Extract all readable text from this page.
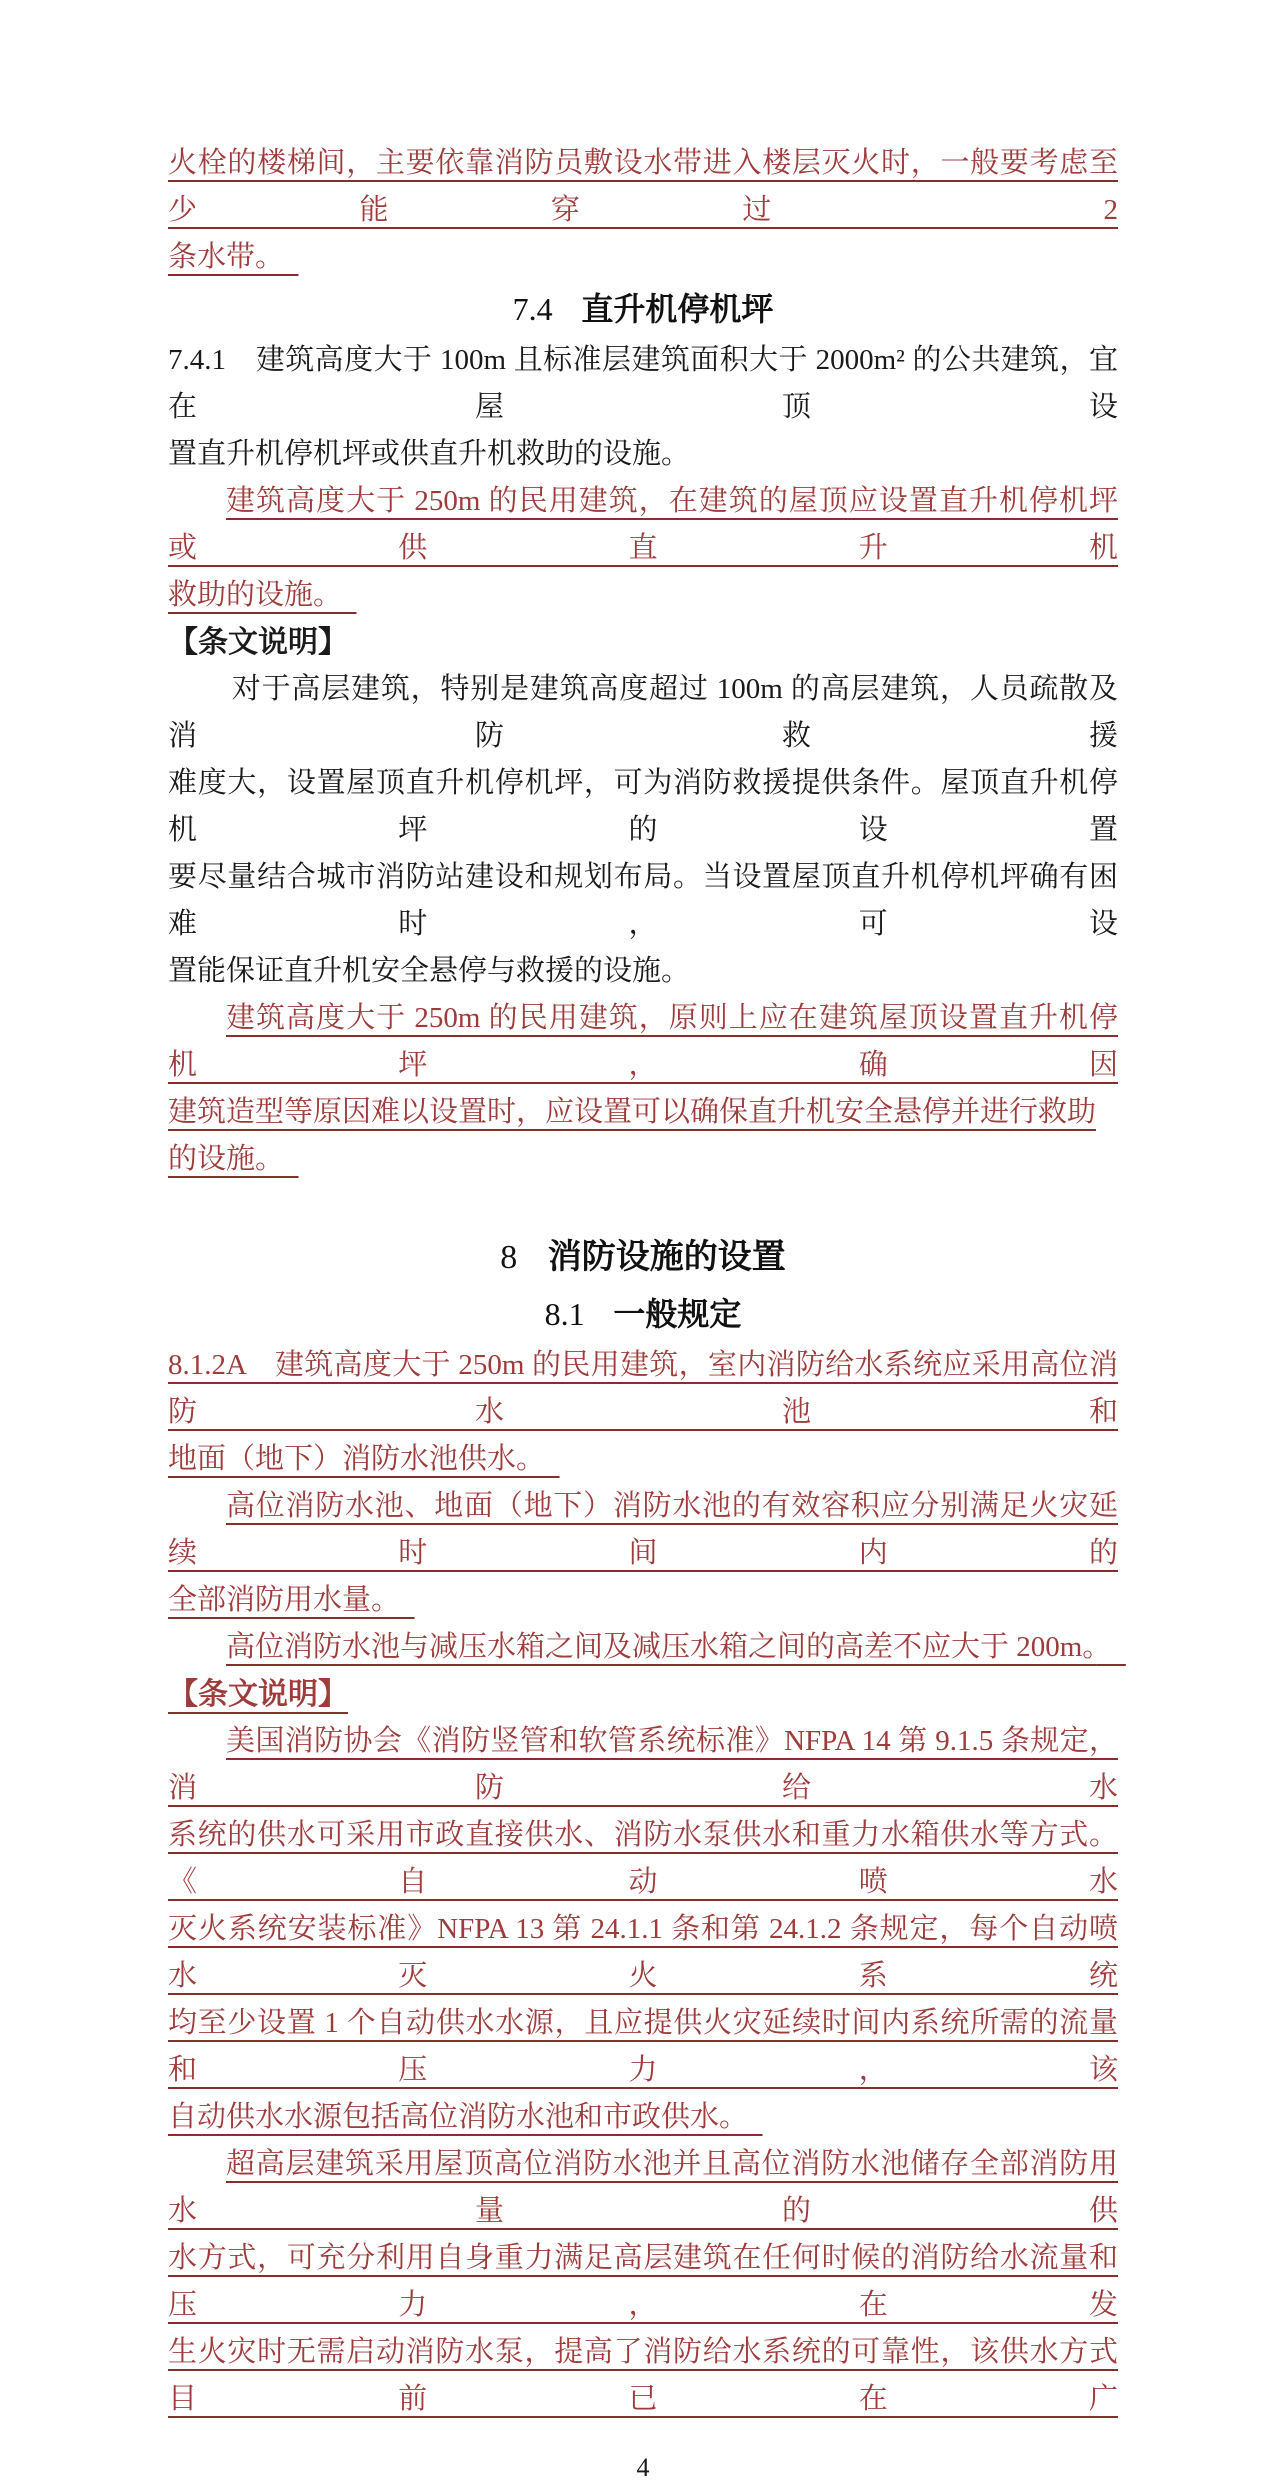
火栓的楼梯间，主要依靠消防员敷设水带进入楼层灭火时，一般要考虑至少能穿过 2

条水带。

7.4 直升机停机坪

7.4.1　建筑高度大于 100m 且标准层建筑面积大于 2000m² 的公共建筑，宜在屋顶设

置直升机停机坪或供直升机救助的设施。

建筑高度大于 250m 的民用建筑，在建筑的屋顶应设置直升机停机坪或供直升机

救助的设施。

【条文说明】

对于高层建筑，特别是建筑高度超过 100m 的高层建筑，人员疏散及消防救援

难度大，设置屋顶直升机停机坪，可为消防救援提供条件。屋顶直升机停机坪的设置

要尽量结合城市消防站建设和规划布局。当设置屋顶直升机停机坪确有困难时，可设

置能保证直升机安全悬停与救援的设施。

建筑高度大于 250m 的民用建筑，原则上应在建筑屋顶设置直升机停机坪，确因

建筑造型等原因难以设置时，应设置可以确保直升机安全悬停并进行救助的设施。

8 消防设施的设置
8.1 一般规定

8.1.2A　建筑高度大于 250m 的民用建筑，室内消防给水系统应采用高位消防水池和

地面（地下）消防水池供水。

高位消防水池、地面（地下）消防水池的有效容积应分别满足火灾延续时间内的

全部消防用水量。

高位消防水池与减压水箱之间及减压水箱之间的高差不应大于 200m。

【条文说明】

美国消防协会《消防竖管和软管系统标准》NFPA 14 第 9.1.5 条规定，消防给水

系统的供水可采用市政直接供水、消防水泵供水和重力水箱供水等方式。《自动喷水

灭火系统安装标准》NFPA 13 第 24.1.1 条和第 24.1.2 条规定，每个自动喷水灭火系统

均至少设置 1 个自动供水水源，且应提供火灾延续时间内系统所需的流量和压力，该

自动供水水源包括高位消防水池和市政供水。

超高层建筑采用屋顶高位消防水池并且高位消防水池储存全部消防用水量的供

水方式，可充分利用自身重力满足高层建筑在任何时候的消防给水流量和压力，在发

生火灾时无需启动消防水泵，提高了消防给水系统的可靠性，该供水方式目前已在广

4
